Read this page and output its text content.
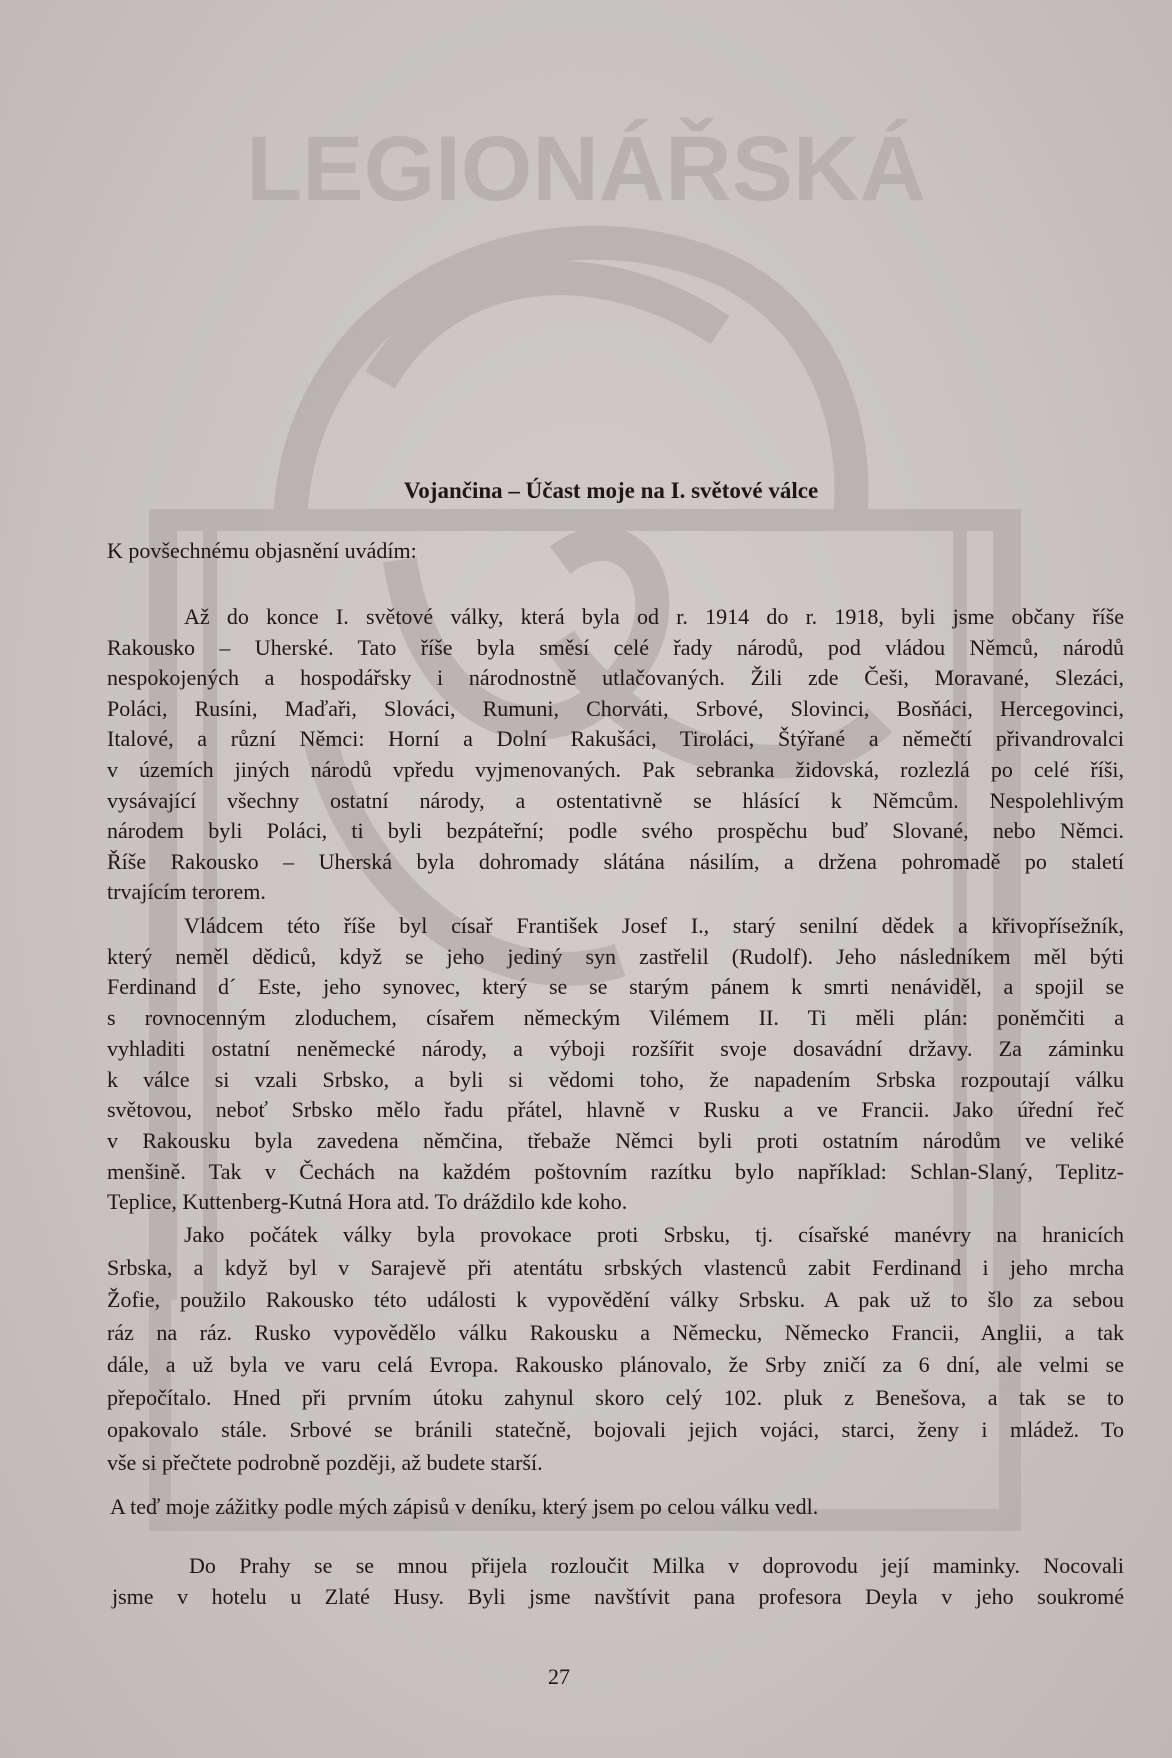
LEGIONÁŘSKÁ
Vojančina – Účast moje na I. světové válce
K povšechnému objasnění uvádím:
Až do konce I. světové války, která byla od r. 1914 do r. 1918, byli jsme občany říše
Rakousko – Uherské. Tato říše byla směsí celé řady národů, pod vládou Němců, národů
nespokojených a hospodářsky i národnostně utlačovaných. Žili zde Češi, Moravané, Slezáci,
Poláci, Rusíni, Maďaři, Slováci, Rumuni, Chorváti, Srbové, Slovinci, Bosňáci, Hercegovinci,
Italové, a různí Němci: Horní a Dolní Rakušáci, Tiroláci, Štýřané a němečtí přivandrovalci
v územích jiných národů vpředu vyjmenovaných. Pak sebranka židovská, rozlezlá po celé říši,
vysávající všechny ostatní národy, a ostentativně se hlásící k Němcům. Nespolehlivým
národem byli Poláci, ti byli bezpáteřní; podle svého prospěchu buď Slované, nebo Němci.
Říše Rakousko – Uherská byla dohromady slátána násilím, a držena pohromadě po staletí
trvajícím terorem.
Vládcem této říše byl císař František Josef I., starý senilní dědek a křivopřísežník,
který neměl dědiců, když se jeho jediný syn zastřelil (Rudolf). Jeho následníkem měl býti
Ferdinand d´ Este, jeho synovec, který se se starým pánem k smrti nenáviděl, a spojil se
s rovnocenným zloduchem, císařem německým Vilémem II. Ti měli plán: poněmčiti a
vyhladiti ostatní neněmecké národy, a výboji rozšířit svoje dosavádní državy. Za záminku
k válce si vzali Srbsko, a byli si vědomi toho, že napadením Srbska rozpoutají válku
světovou, neboť Srbsko mělo řadu přátel, hlavně v Rusku a ve Francii. Jako úřední řeč
v Rakousku byla zavedena němčina, třebaže Němci byli proti ostatním národům ve veliké
menšině. Tak v Čechách na každém poštovním razítku bylo například: Schlan-Slaný, Teplitz-
Teplice, Kuttenberg-Kutná Hora atd. To dráždilo kde koho.
Jako počátek války byla provokace proti Srbsku, tj. císařské manévry na hranicích
Srbska, a když byl v Sarajevě při atentátu srbských vlastenců zabit Ferdinand i jeho mrcha
Žofie, použilo Rakousko této události k vypovědění války Srbsku. A pak už to šlo za sebou
ráz na ráz. Rusko vypovědělo válku Rakousku a Německu, Německo Francii, Anglii, a tak
dále, a už byla ve varu celá Evropa. Rakousko plánovalo, že Srby zničí za 6 dní, ale velmi se
přepočítalo. Hned při prvním útoku zahynul skoro celý 102. pluk z Benešova, a tak se to
opakovalo stále. Srbové se bránili statečně, bojovali jejich vojáci, starci, ženy i mládež. To
vše si přečtete podrobně později, až budete starší.
A teď moje zážitky podle mých zápisů v deníku, který jsem po celou válku vedl.
Do Prahy se se mnou přijela rozloučit Milka v doprovodu její maminky. Nocovali
jsme v hotelu u Zlaté Husy. Byli jsme navštívit pana profesora Deyla v jeho soukromé
27
